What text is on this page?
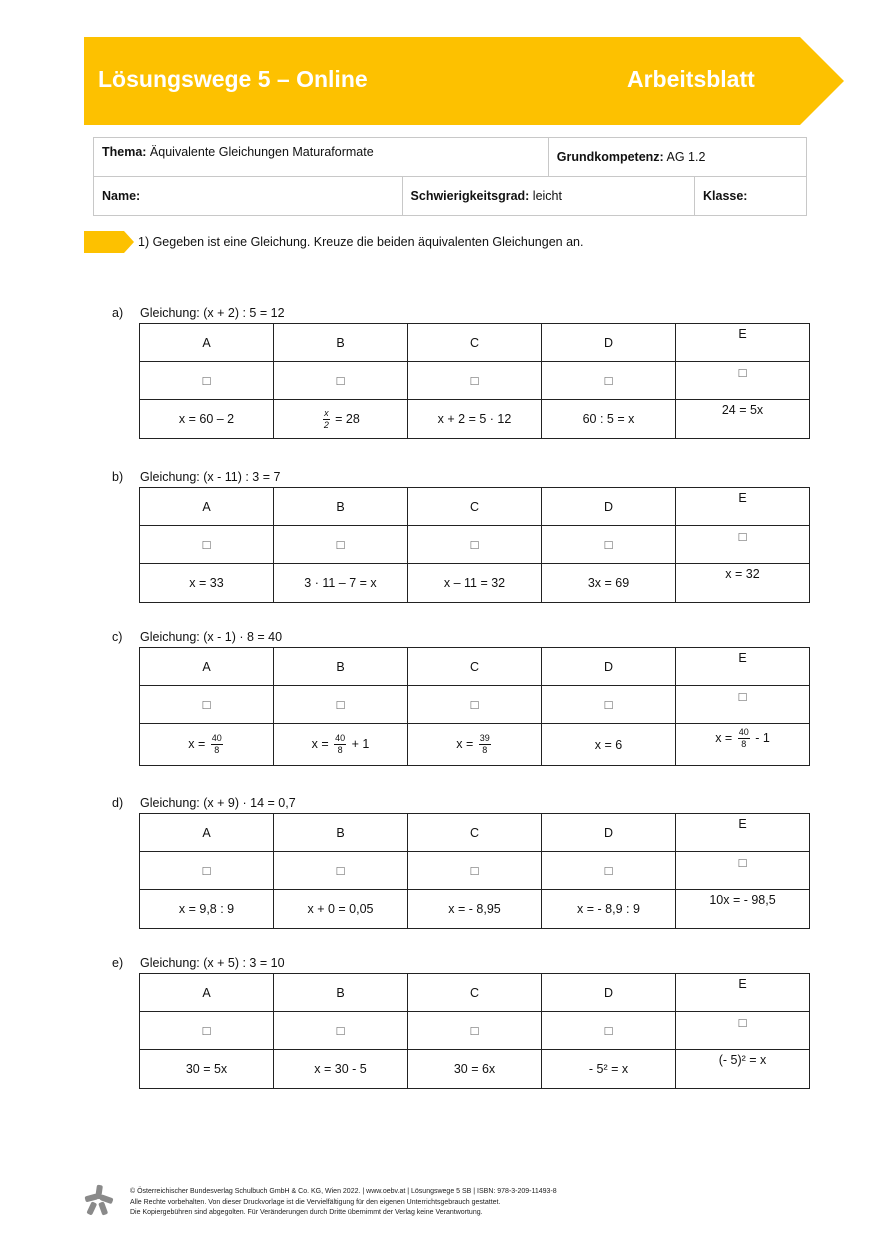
Lösungswege 5 – Online	Arbeitsblatt
Thema: Äquivalente Gleichungen Maturaformate		Grundkompetenz: AG 1.2	
Name:	Schwierigkeitsgrad: leicht		Klasse:
1) Gegeben ist eine Gleichung. Kreuze die beiden äquivalenten Gleichungen an.
a) Gleichung: (x + 2) : 5 = 12
A	B	C	D	E
□	□	□	□	□
x = 60 – 2	$\frac{x}{2} = 28$	x + 2 = 5 · 12	60 : 5 = x	24 = 5x
b) Gleichung: (x - 11) : 3 = 7
A	B	C	D	E
□	□	□	□	□
x = 33	3 · 11 – 7 = x	x – 11 = 32	3x = 69	x = 32
c) Gleichung: (x - 1) · 8 = 40
A	B	C	D	E
□	□	□	□	□
$x = \frac{40}{8}$	$x = \frac{40}{8} + 1$	$x = \frac{39}{8}$	x = 6	$x = \frac{40}{8} - 1$
d) Gleichung: (x + 9) · 14 = 0,7
A	B	C	D	E
□	□	□	□	□
x = 9,8 : 9	x + 0 = 0,05	x = - 8,95	x = - 8,9 : 9	10x = - 98,5
e) Gleichung: (x + 5) : 3 = 10
A	B	C	D	E
□	□	□	□	□
30 = 5x	x = 30 - 5	30 = 6x	- 5² = x	(- 5)² = x
© Österreichischer Bundesverlag Schulbuch GmbH & Co. KG, Wien 2022. | www.oebv.at | Lösungswege 5 SB | ISBN: 978-3-209-11493-8
Alle Rechte vorbehalten. Von dieser Druckvorlage ist die Vervielfältigung für den eigenen Unterrichtsgebrauch gestattet.
Die Kopiergebühren sind abgegolten. Für Veränderungen durch Dritte übernimmt der Verlag keine Verantwortung.
